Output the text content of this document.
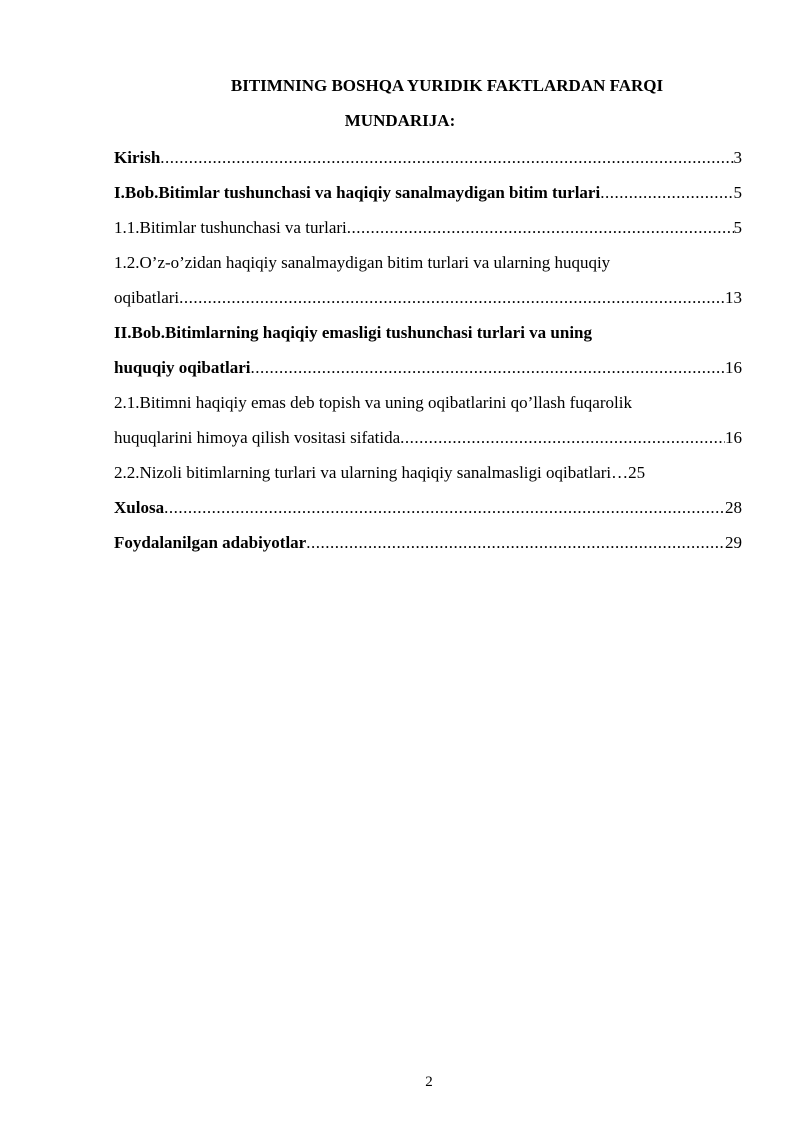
BITIMNING BOSHQA YURIDIK FAKTLARDAN FARQI
MUNDARIJA:
Kirish .....	3
I.Bob.Bitimlar tushunchasi va haqiqiy sanalmaydigan bitim turlari .....	5
1.1.Bitimlar tushunchasi va turlari .....	5
1.2.O’z-o’zidan haqiqiy sanalmaydigan bitim turlari va ularning huquqiy
oqibatlari .....	13
II.Bob.Bitimlarning haqiqiy emasligi tushunchasi turlari va uning
huquqiy oqibatlari .....	16
2.1.Bitimni haqiqiy emas deb topish va uning oqibatlarini qo’llash fuqarolik
huquqlarini himoya qilish vositasi sifatida .....	16
2.2.Nizoli bitimlarning turlari va ularning haqiqiy sanalmasligi oqibatlari…25
Xulosa .....	28
Foydalanilgan adabiyotlar .....	29
2
